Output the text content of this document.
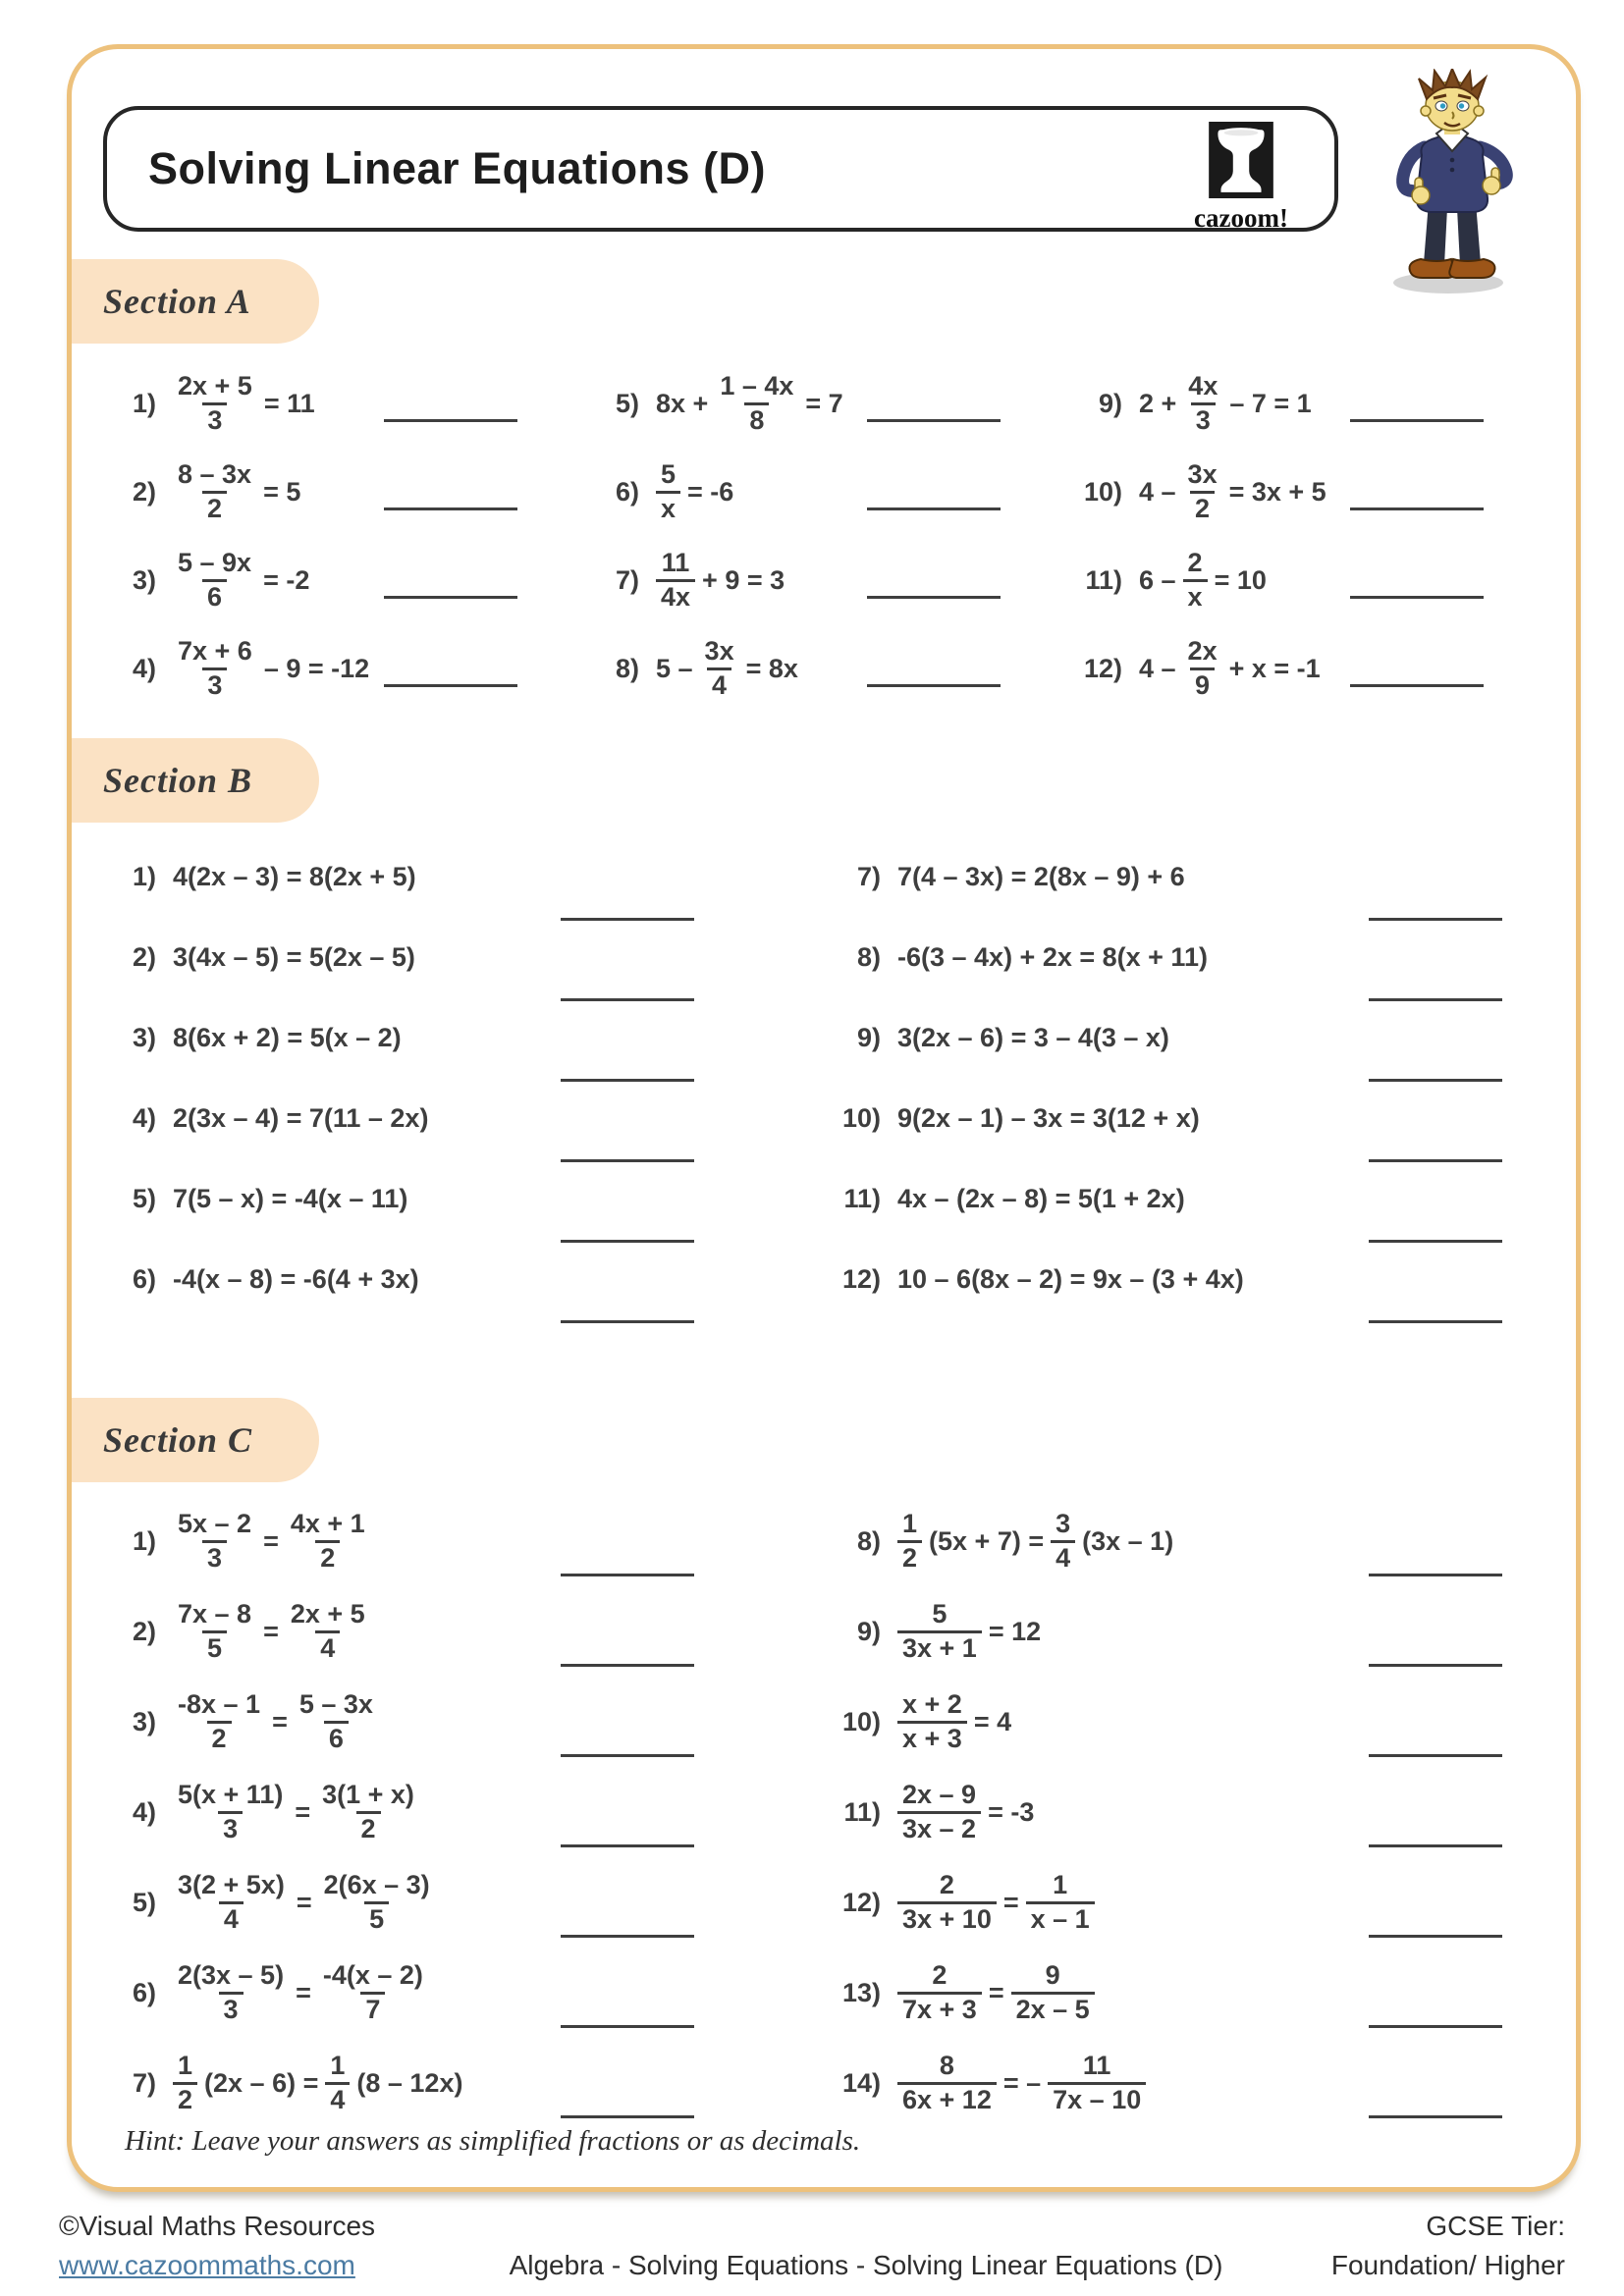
Solving Linear Equations (D)
cazoom!
Section A
$1) \frac{2x + 5}{3} = 11$
$2) \frac{8 - 3x}{2} = 5$
$3) \frac{5 - 9x}{6} = -2$
$4) \frac{7x + 6}{3} - 9 = -12$
5) $8x + \frac{1 - 4x}{8} = 7$
$6) \frac{5}{x} = -6$
$7) \frac{11}{4x} + 9 = 3$
8) $5 - \frac{3x}{4} = 8x$
9) $2 + \frac{4x}{3} - 7 = 1$
10) $4 - \frac{3x}{2} = 3x + 5$
11) $6 - \frac{2}{x} = 10$
12) $4 - \frac{2x}{9} + x = -1$
Section B
1) 4(2x – 3) = 8(2x + 5)
2) 3(4x – 5) = 5(2x – 5)
3) 8(6x + 2) = 5(x – 2)
4) 2(3x – 4) = 7(11 – 2x)
5) 7(5 – x) = -4(x – 11)
6) -4(x – 8) = -6(4 + 3x)
7) 7(4 – 3x) = 2(8x – 9) + 6
8) -6(3 – 4x) + 2x = 8(x + 11)
9) 3(2x – 6) = 3 – 4(3 – x)
10) 9(2x – 1) – 3x = 3(12 + x)
11) 4x – (2x – 8) = 5(1 + 2x)
12) 10 – 6(8x – 2) = 9x – (3 + 4x)
Section C
$1) \frac{5x - 2}{3} = \frac{4x + 1}{2}$
$2) \frac{7x - 8}{5} = \frac{2x + 5}{4}$
$3) \frac{-8x - 1}{2} = \frac{5 - 3x}{6}$
$4) \frac{5(x + 11)}{3} = \frac{3(1 + x)}{2}$
$5) \frac{3(2 + 5x)}{4} = \frac{2(6x - 3)}{5}$
$6) \frac{2(3x - 5)}{3} = \frac{-4(x - 2)}{7}$
$7) \frac{1}{2} (2x - 6) = \frac{1}{4} (8 - 12x)$
$8) \frac{1}{2} (5x + 7) = \frac{3}{4} (3x - 1)$
$9) \frac{5}{3x + 1} = 12$
$10) \frac{x + 2}{x + 3} = 4$
$11) \frac{2x - 9}{3x - 2} = -3$
$12) \frac{2}{3x + 10} = \frac{1}{x - 1}$
$13) \frac{2}{7x + 3} = \frac{9}{2x - 5}$
$14) \frac{8}{6x + 12}$ = – $\frac{11}{7x - 10}$
Hint: Leave your answers as simplified fractions or as decimals.
©Visual Maths Resources
www.cazoommaths.com	Algebra - Solving Equations - Solving Linear Equations (D)
GCSE Tier:
Foundation/ Higher
